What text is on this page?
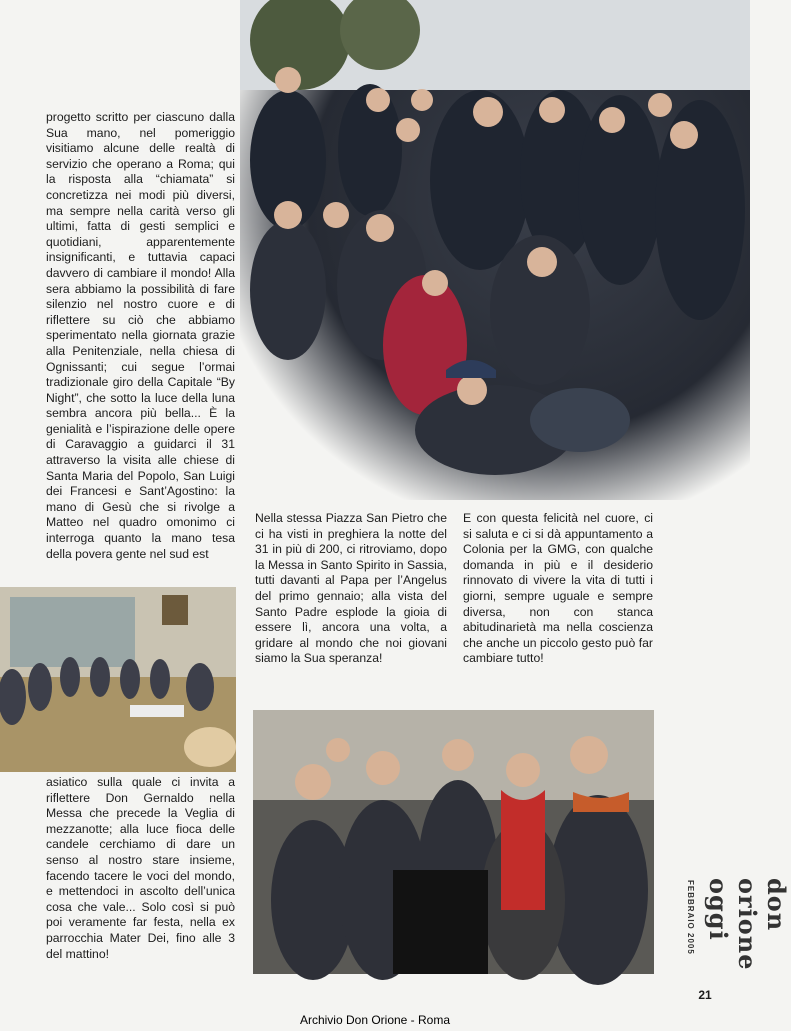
progetto scritto per ciascuno dalla Sua mano, nel pomeriggio visitiamo alcune delle realtà di servizio che operano a Roma; qui la risposta alla “chiamata” si concretizza nei modi più diversi, ma sempre nella carità verso gli ultimi, fatta di gesti semplici e quotidiani, apparentemente insignificanti, e tuttavia capaci davvero di cambiare il mondo! Alla sera abbiamo la possibilità di fare silenzio nel nostro cuore e di riflettere su ciò che abbiamo sperimentato nella giornata grazie alla Penitenziale, nella chiesa di Ognissanti; cui segue l’ormai tradizionale giro della Capitale “By Night”, che sotto la luce della luna sembra ancora più bella... È la genialità e l’ispirazione delle opere di Caravaggio a guidarci il 31 attraverso la visita alle chiese di Santa Maria del Popolo, San Luigi dei Francesi e Sant’Agostino: la mano di Gesù che si rivolge a Matteo nel quadro omonimo ci interroga quanto la mano tesa della povera gente nel sud est

asiatico sulla quale ci invita a riflettere Don Gernaldo nella Messa che precede la Veglia di mezzanotte; alla luce fioca delle candele cerchiamo di dare un senso al nostro stare insieme, facendo tacere le voci del mondo, e mettendoci in ascolto dell’unica cosa che vale... Solo così si può poi veramente far festa, nella ex parrocchia Mater Dei, fino alle 3 del mattino!

Nella stessa Piazza San Pietro che ci ha visti in preghiera la notte del 31 in più di 200, ci ritroviamo, dopo la Messa in Santo Spirito in Sassia, tutti davanti al Papa per l’Angelus del primo gennaio; alla vista del Santo Padre esplode la gioia di essere lì, ancora una volta, a gridare al mondo che noi giovani siamo la Sua speranza!

E con questa felicità nel cuore, ci si saluta e ci si dà appuntamento a Colonia per la GMG, con qualche domanda in più e il desiderio rinnovato di vivere la vita di tutti i giorni, sempre uguale e sempre diversa, non con stanca abitudinarietà ma nella coscienza che anche un piccolo gesto può far cambiare tutto!

don orione oggi
FEBBRAIO 2005
21
Archivio Don Orione - Roma
